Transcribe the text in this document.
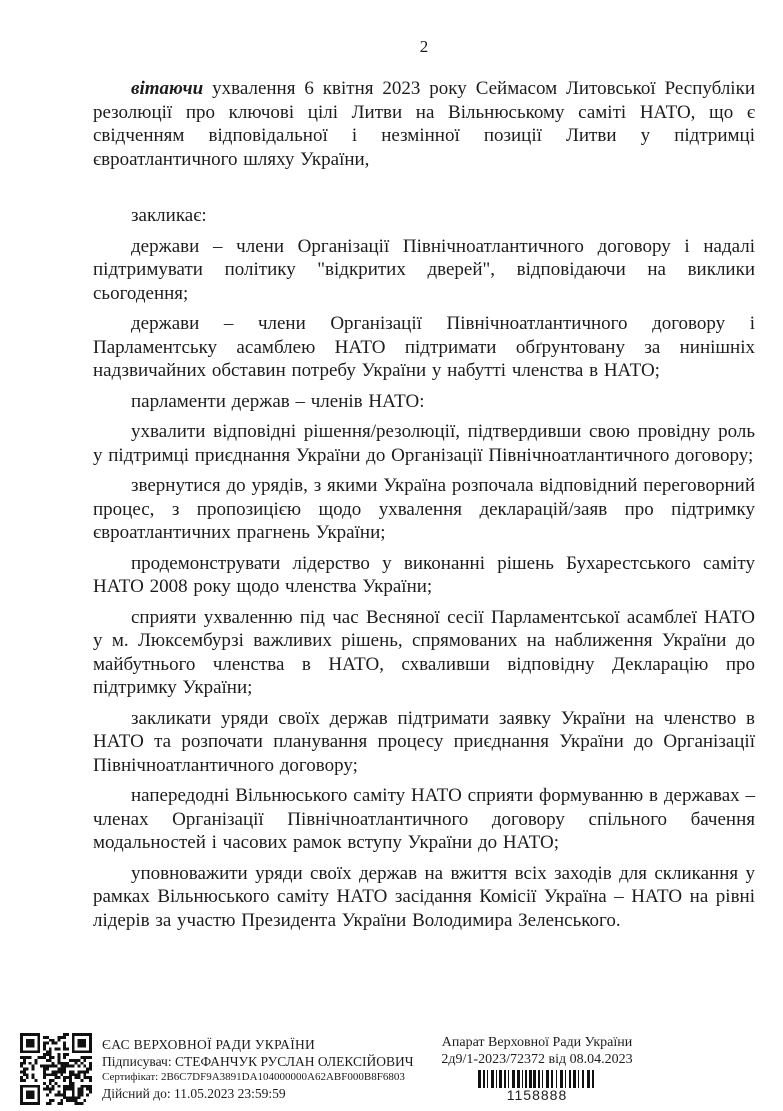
2

вітаючи ухвалення 6 квітня 2023 року Сеймасом Литовської Республіки резолюції про ключові цілі Литви на Вільнюському саміті НАТО, що є свідченням відповідальної і незмінної позиції Литви у підтримці євроатлантичного шляху України,

закликає:

держави – члени Організації Північноатлантичного договору і надалі підтримувати політику "відкритих дверей", відповідаючи на виклики сьогодення;

держави – члени Організації Північноатлантичного договору і Парламентську асамблею НАТО підтримати обґрунтовану за нинішніх надзвичайних обставин потребу України у набутті членства в НАТО;

парламенти держав – членів НАТО:

ухвалити відповідні рішення/резолюції, підтвердивши свою провідну роль у підтримці приєднання України до Організації Північноатлантичного договору;

звернутися до урядів, з якими Україна розпочала відповідний переговорний процес, з пропозицією щодо ухвалення декларацій/заяв про підтримку євроатлантичних прагнень України;

продемонструвати лідерство у виконанні рішень Бухарестського саміту НАТО 2008 року щодо членства України;

сприяти ухваленню під час Весняної сесії Парламентської асамблеї НАТО у м. Люксембурзі важливих рішень, спрямованих на наближення України до майбутнього членства в НАТО, схваливши відповідну Декларацію про підтримку України;

закликати уряди своїх держав підтримати заявку України на членство в НАТО та розпочати планування процесу приєднання України до Організації Північноатлантичного договору;

напередодні Вільнюського саміту НАТО сприяти формуванню в державах – членах Організації Північноатлантичного договору спільного бачення модальностей і часових рамок вступу України до НАТО;

уповноважити уряди своїх держав на вжиття всіх заходів для скликання у рамках Вільнюського саміту НАТО засідання Комісії Україна – НАТО на рівні лідерів за участю Президента України Володимира Зеленського.

ЄАС ВЕРХОВНОЇ РАДИ УКРАЇНИ
Підписувач: СТЕФАНЧУК РУСЛАН ОЛЕКСІЙОВИЧ
Сертифікат: 2B6C7DF9A3891DA104000000A62ABF000B8F6803
Дійсний до: 11.05.2023 23:59:59
Апарат Верховної Ради України
2д9/1-2023/72372 від 08.04.2023
1158888
